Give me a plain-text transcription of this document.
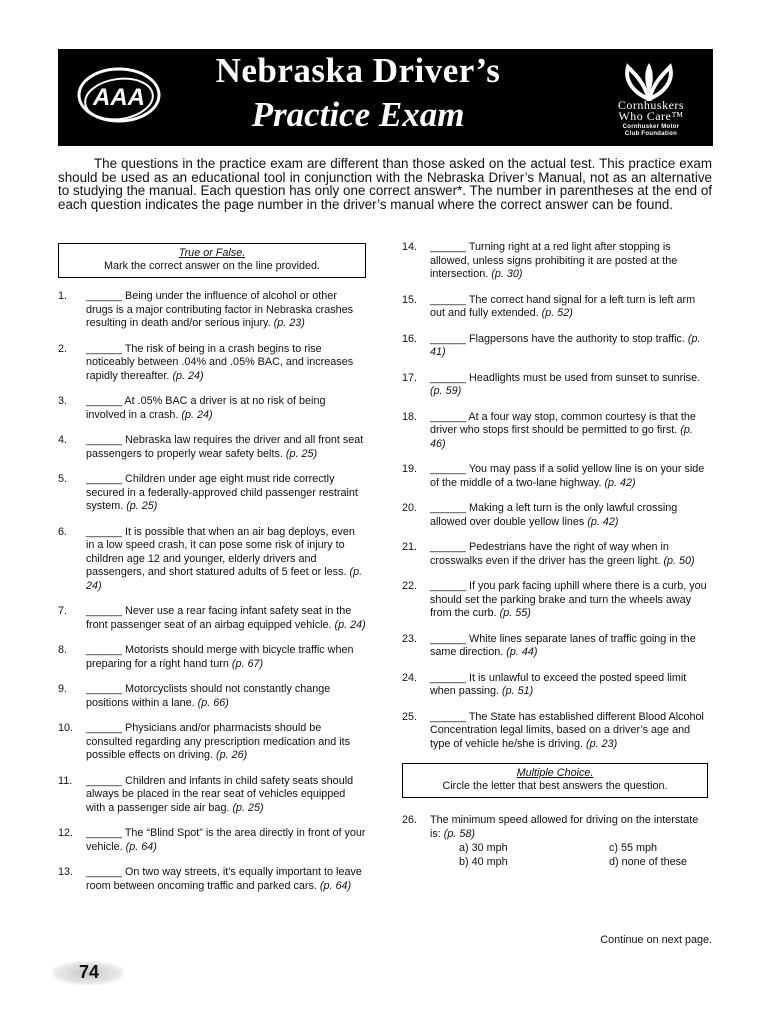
AAA
Nebraska Driver’s
Practice Exam	Cornhuskers
Who Care™
Cornhusker Motor
Club Foundation
The questions in the practice exam are different than those asked on the actual test. This practice exam should be used as an educational tool in conjunction with the Nebraska Driver’s Manual, not as an alternative to studying the manual. Each question has only one correct answer*. The number in parentheses at the end of each question indicates the page number in the driver’s manual where the correct answer can be found.
True or False.
Mark the correct answer on the line provided.
1.	______ Being under the influence of alcohol or other drugs is a major contributing factor in Nebraska crashes resulting in death and/or serious injury. (p. 23)
2.	______ The risk of being in a crash begins to rise noticeably between .04% and .05% BAC, and increases rapidly thereafter. (p. 24)
3.	______ At .05% BAC a driver is at no risk of being involved in a crash. (p. 24)
4.	______ Nebraska law requires the driver and all front seat passengers to properly wear safety belts. (p. 25)
5.	______ Children under age eight must ride correctly secured in a federally-approved child passenger restraint system. (p. 25)
6.	______ It is possible that when an air bag deploys, even in a low speed crash, it can pose some risk of injury to children age 12 and younger, elderly drivers and passengers, and short statured adults of 5 feet or less. (p. 24)
7.	______ Never use a rear facing infant safety seat in the front passenger seat of an airbag equipped vehicle. (p. 24)
8.	______ Motorists should merge with bicycle traffic when preparing for a right hand turn (p. 67)
9.	______ Motorcyclists should not constantly change positions within a lane. (p. 66)
10.	______ Physicians and/or pharmacists should be consulted regarding any prescription medication and its possible effects on driving. (p. 26)
11.	______ Children and infants in child safety seats should always be placed in the rear seat of vehicles equipped with a passenger side air bag. (p. 25)
12.	______ The “Blind Spot” is the area directly in front of your vehicle. (p. 64)
13.	______ On two way streets, it’s equally important to leave room between oncoming traffic and parked cars. (p. 64)
14.	______ Turning right at a red light after stopping is allowed, unless signs prohibiting it are posted at the intersection. (p. 30)
15.	______ The correct hand signal for a left turn is left arm out and fully extended. (p. 52)
16.	______ Flagpersons have the authority to stop traffic. (p. 41)
17.	______ Headlights must be used from sunset to sunrise. (p. 59)
18.	______ At a four way stop, common courtesy is that the driver who stops first should be permitted to go first. (p. 46)
19.	______ You may pass if a solid yellow line is on your side of the middle of a two-lane highway. (p. 42)
20.	______ Making a left turn is the only lawful crossing allowed over double yellow lines (p. 42)
21.	______ Pedestrians have the right of way when in crosswalks even if the driver has the green light. (p. 50)
22.	______ If you park facing uphill where there is a curb, you should set the parking brake and turn the wheels away from the curb. (p. 55)
23.	______ White lines separate lanes of traffic going in the same direction. (p. 44)
24.	______ It is unlawful to exceed the posted speed limit when passing. (p. 51)
25.	______ The State has established different Blood Alcohol Concentration legal limits, based on a driver’s age and type of vehicle he/she is driving. (p. 23)
Multiple Choice.
Circle the letter that best answers the question.
26.	The minimum speed allowed for driving on the interstate is: (p. 58)
a) 30 mph	c) 55 mph
b) 40 mph	d) none of these
Continue on next page.
74
